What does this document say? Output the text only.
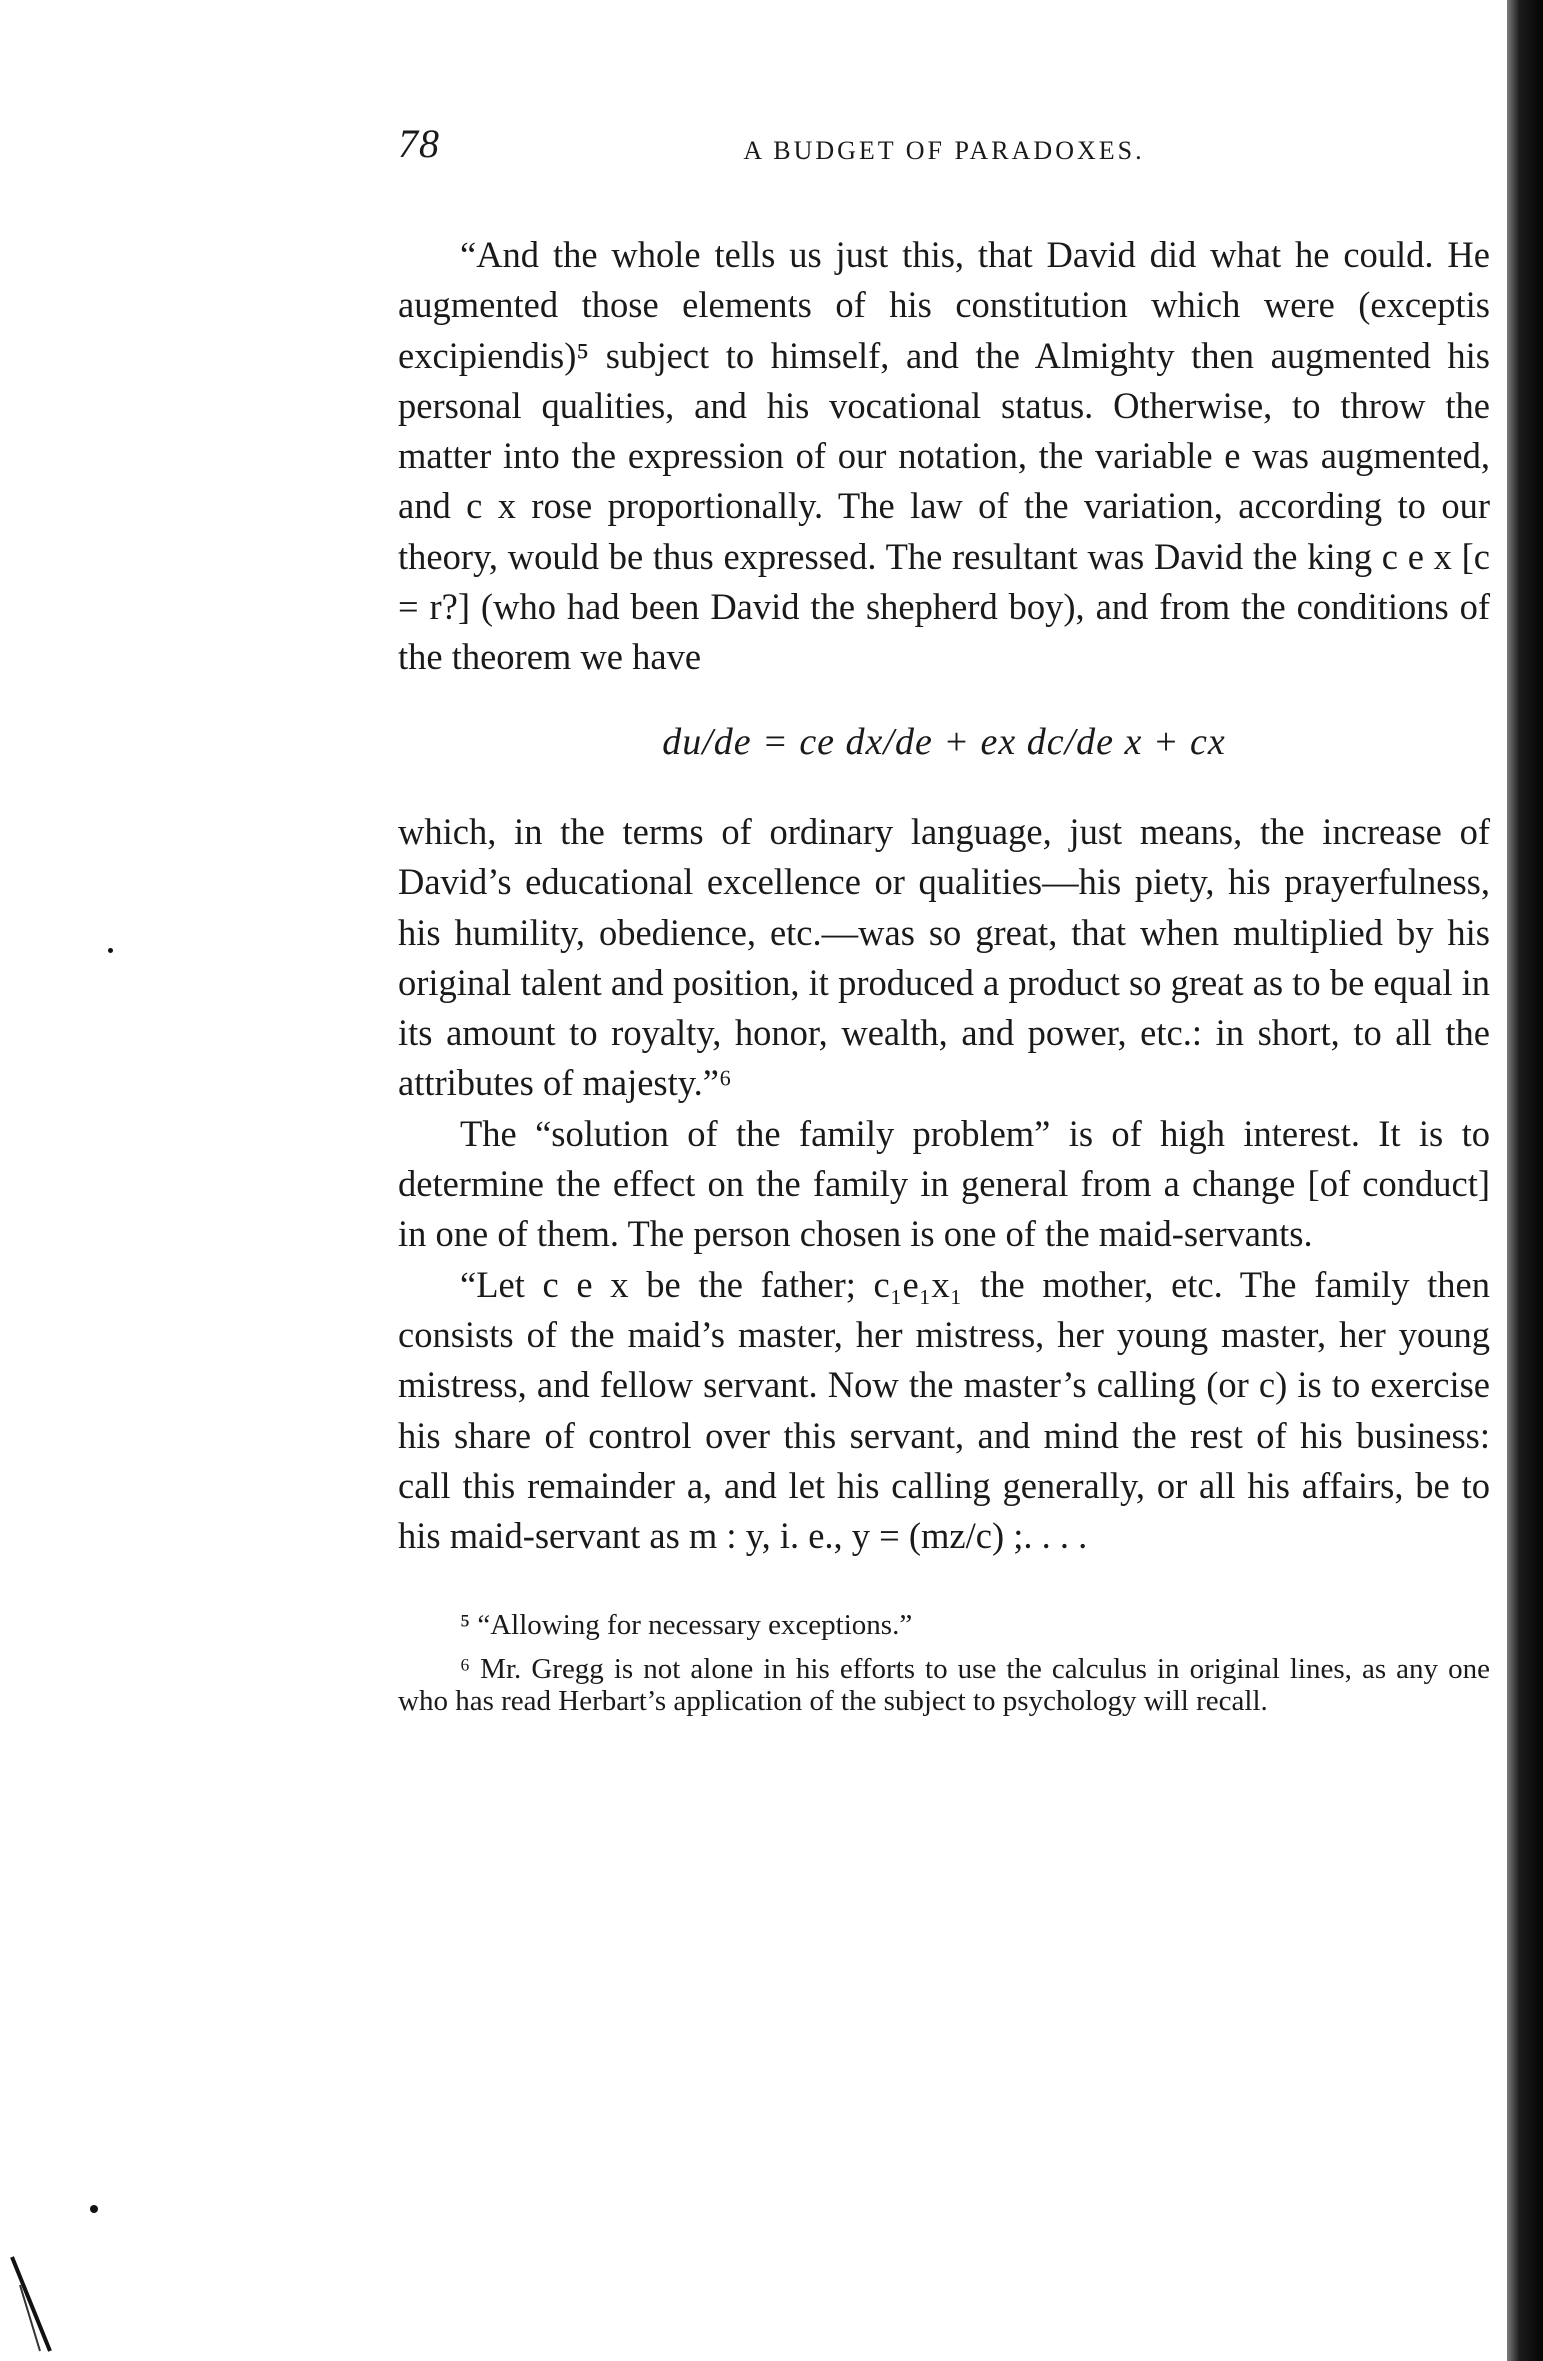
78	A BUDGET OF PARADOXES.

“And the whole tells us just this, that David did what he could. He augmented those elements of his constitution which were (exceptis excipiendis)⁵ subject to himself, and the Almighty then augmented his personal qualities, and his vocational status. Otherwise, to throw the matter into the expression of our notation, the variable e was augmented, and c x rose proportionally. The law of the variation, according to our theory, would be thus expressed. The resultant was David the king c e x [c = r?] (who had been David the shepherd boy), and from the conditions of the theorem we have

du/de = ce dx/de + ex dc/de x + cx

which, in the terms of ordinary language, just means, the increase of David’s educational excellence or qualities—his piety, his prayerfulness, his humility, obedience, etc.—was so great, that when multiplied by his original talent and position, it produced a product so great as to be equal in its amount to royalty, honor, wealth, and power, etc.: in short, to all the attributes of majesty.”⁶

The “solution of the family problem” is of high interest. It is to determine the effect on the family in general from a change [of conduct] in one of them. The person chosen is one of the maid-servants.

“Let c e x be the father; c₁e₁x₁ the mother, etc. The family then consists of the maid’s master, her mistress, her young master, her young mistress, and fellow servant. Now the master’s calling (or c) is to exercise his share of control over this servant, and mind the rest of his business: call this remainder a, and let his calling generally, or all his affairs, be to his maid-servant as m : y, i. e., y = (mz/c) ;. . . .

⁵ “Allowing for necessary exceptions.”

⁶ Mr. Gregg is not alone in his efforts to use the calculus in original lines, as any one who has read Herbart’s application of the subject to psychology will recall.
